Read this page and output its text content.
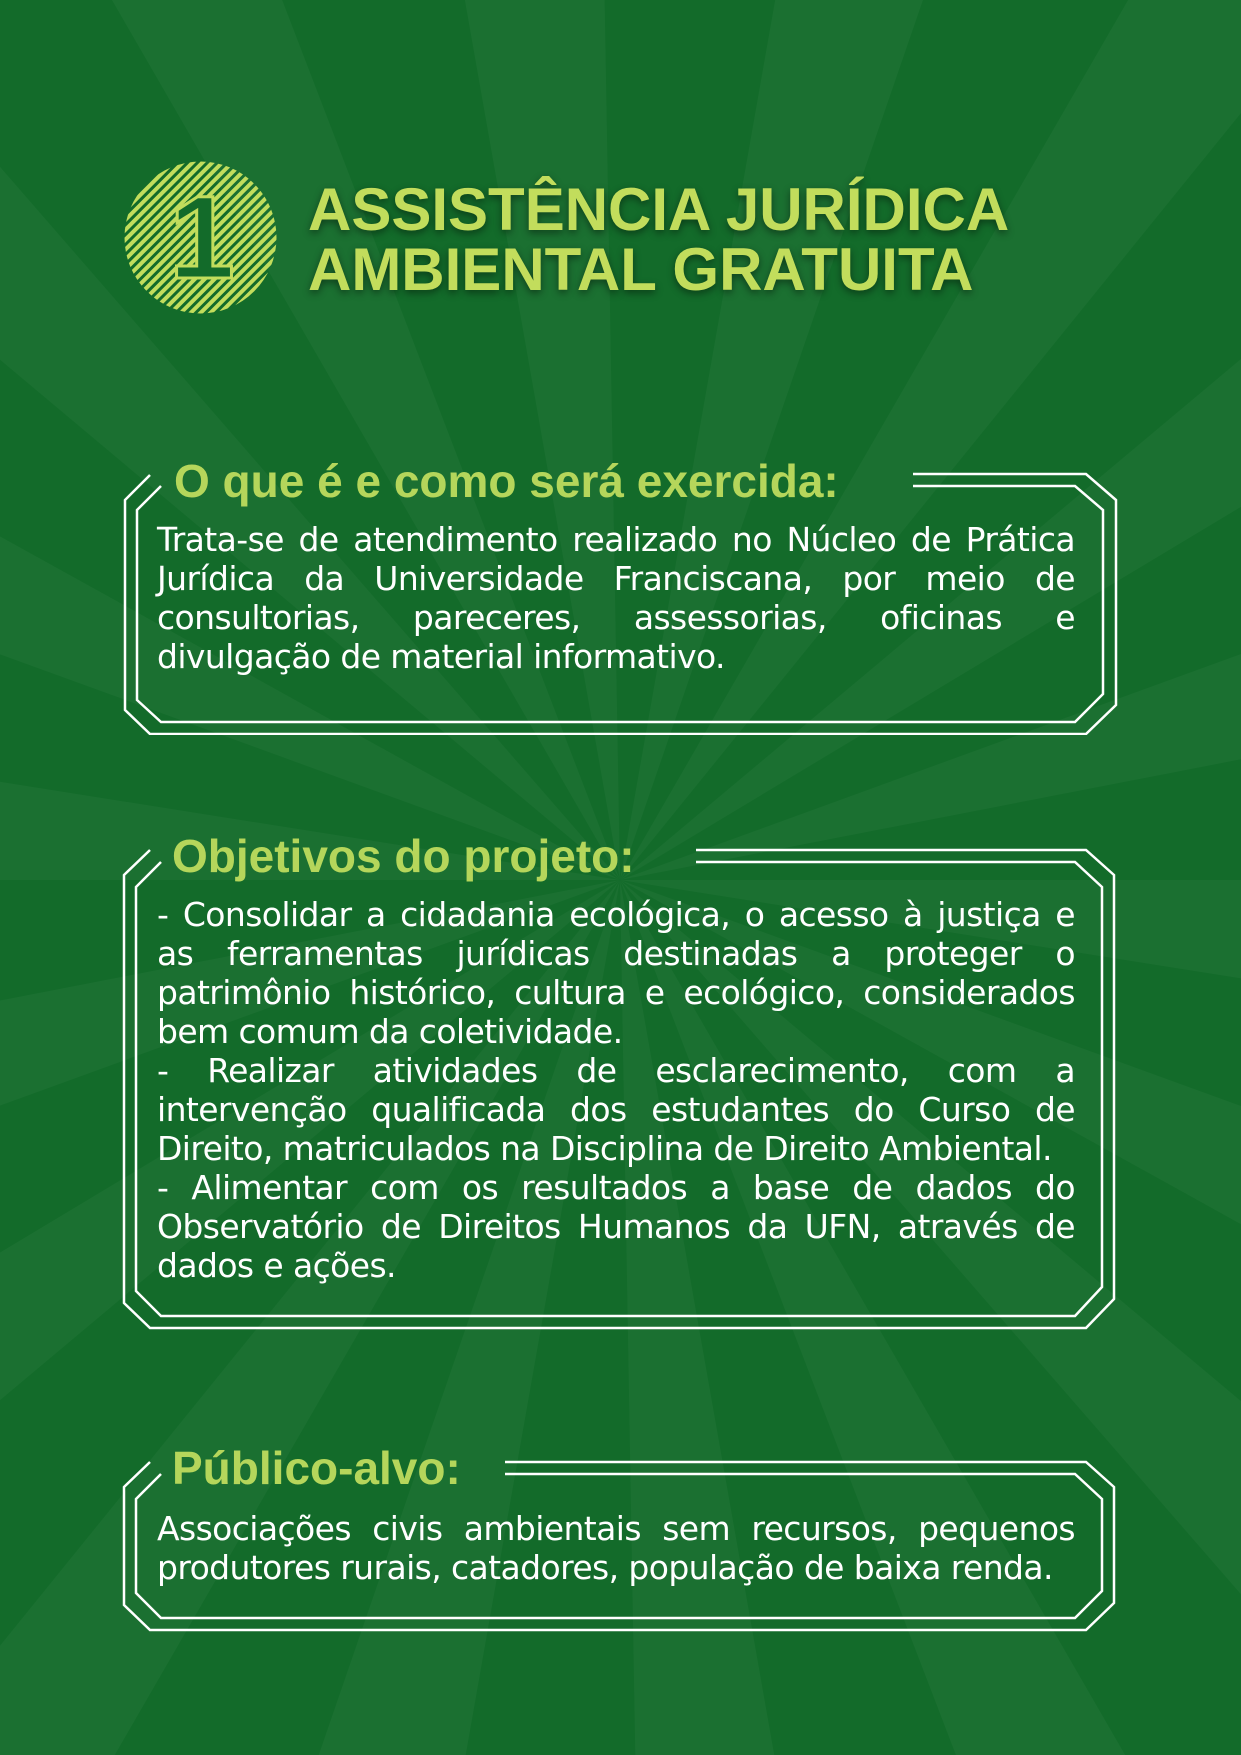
1 ASSISTÊNCIA JURÍDICA
AMBIENTAL GRATUITA
O que é e como será exercida:

Trata-se de atendimento realizado no Núcleo de Prática Jurídica da Universidade Franciscana, por meio de consultorias, pareceres, assessorias, oficinas e divulgação de material informativo.

Objetivos do projeto:

- Consolidar a cidadania ecológica, o acesso à justiça e as ferramentas jurídicas destinadas a proteger o patrimônio histórico, cultura e ecológico, considerados bem comum da coletividade.

- Realizar atividades de esclarecimento, com a intervenção qualificada dos estudantes do Curso de Direito, matriculados na Disciplina de Direito Ambiental.

- Alimentar com os resultados a base de dados do Observatório de Direitos Humanos da UFN, através de dados e ações.

Público-alvo:

Associações civis ambientais sem recursos, pequenos produtores rurais, catadores, população de baixa renda.
